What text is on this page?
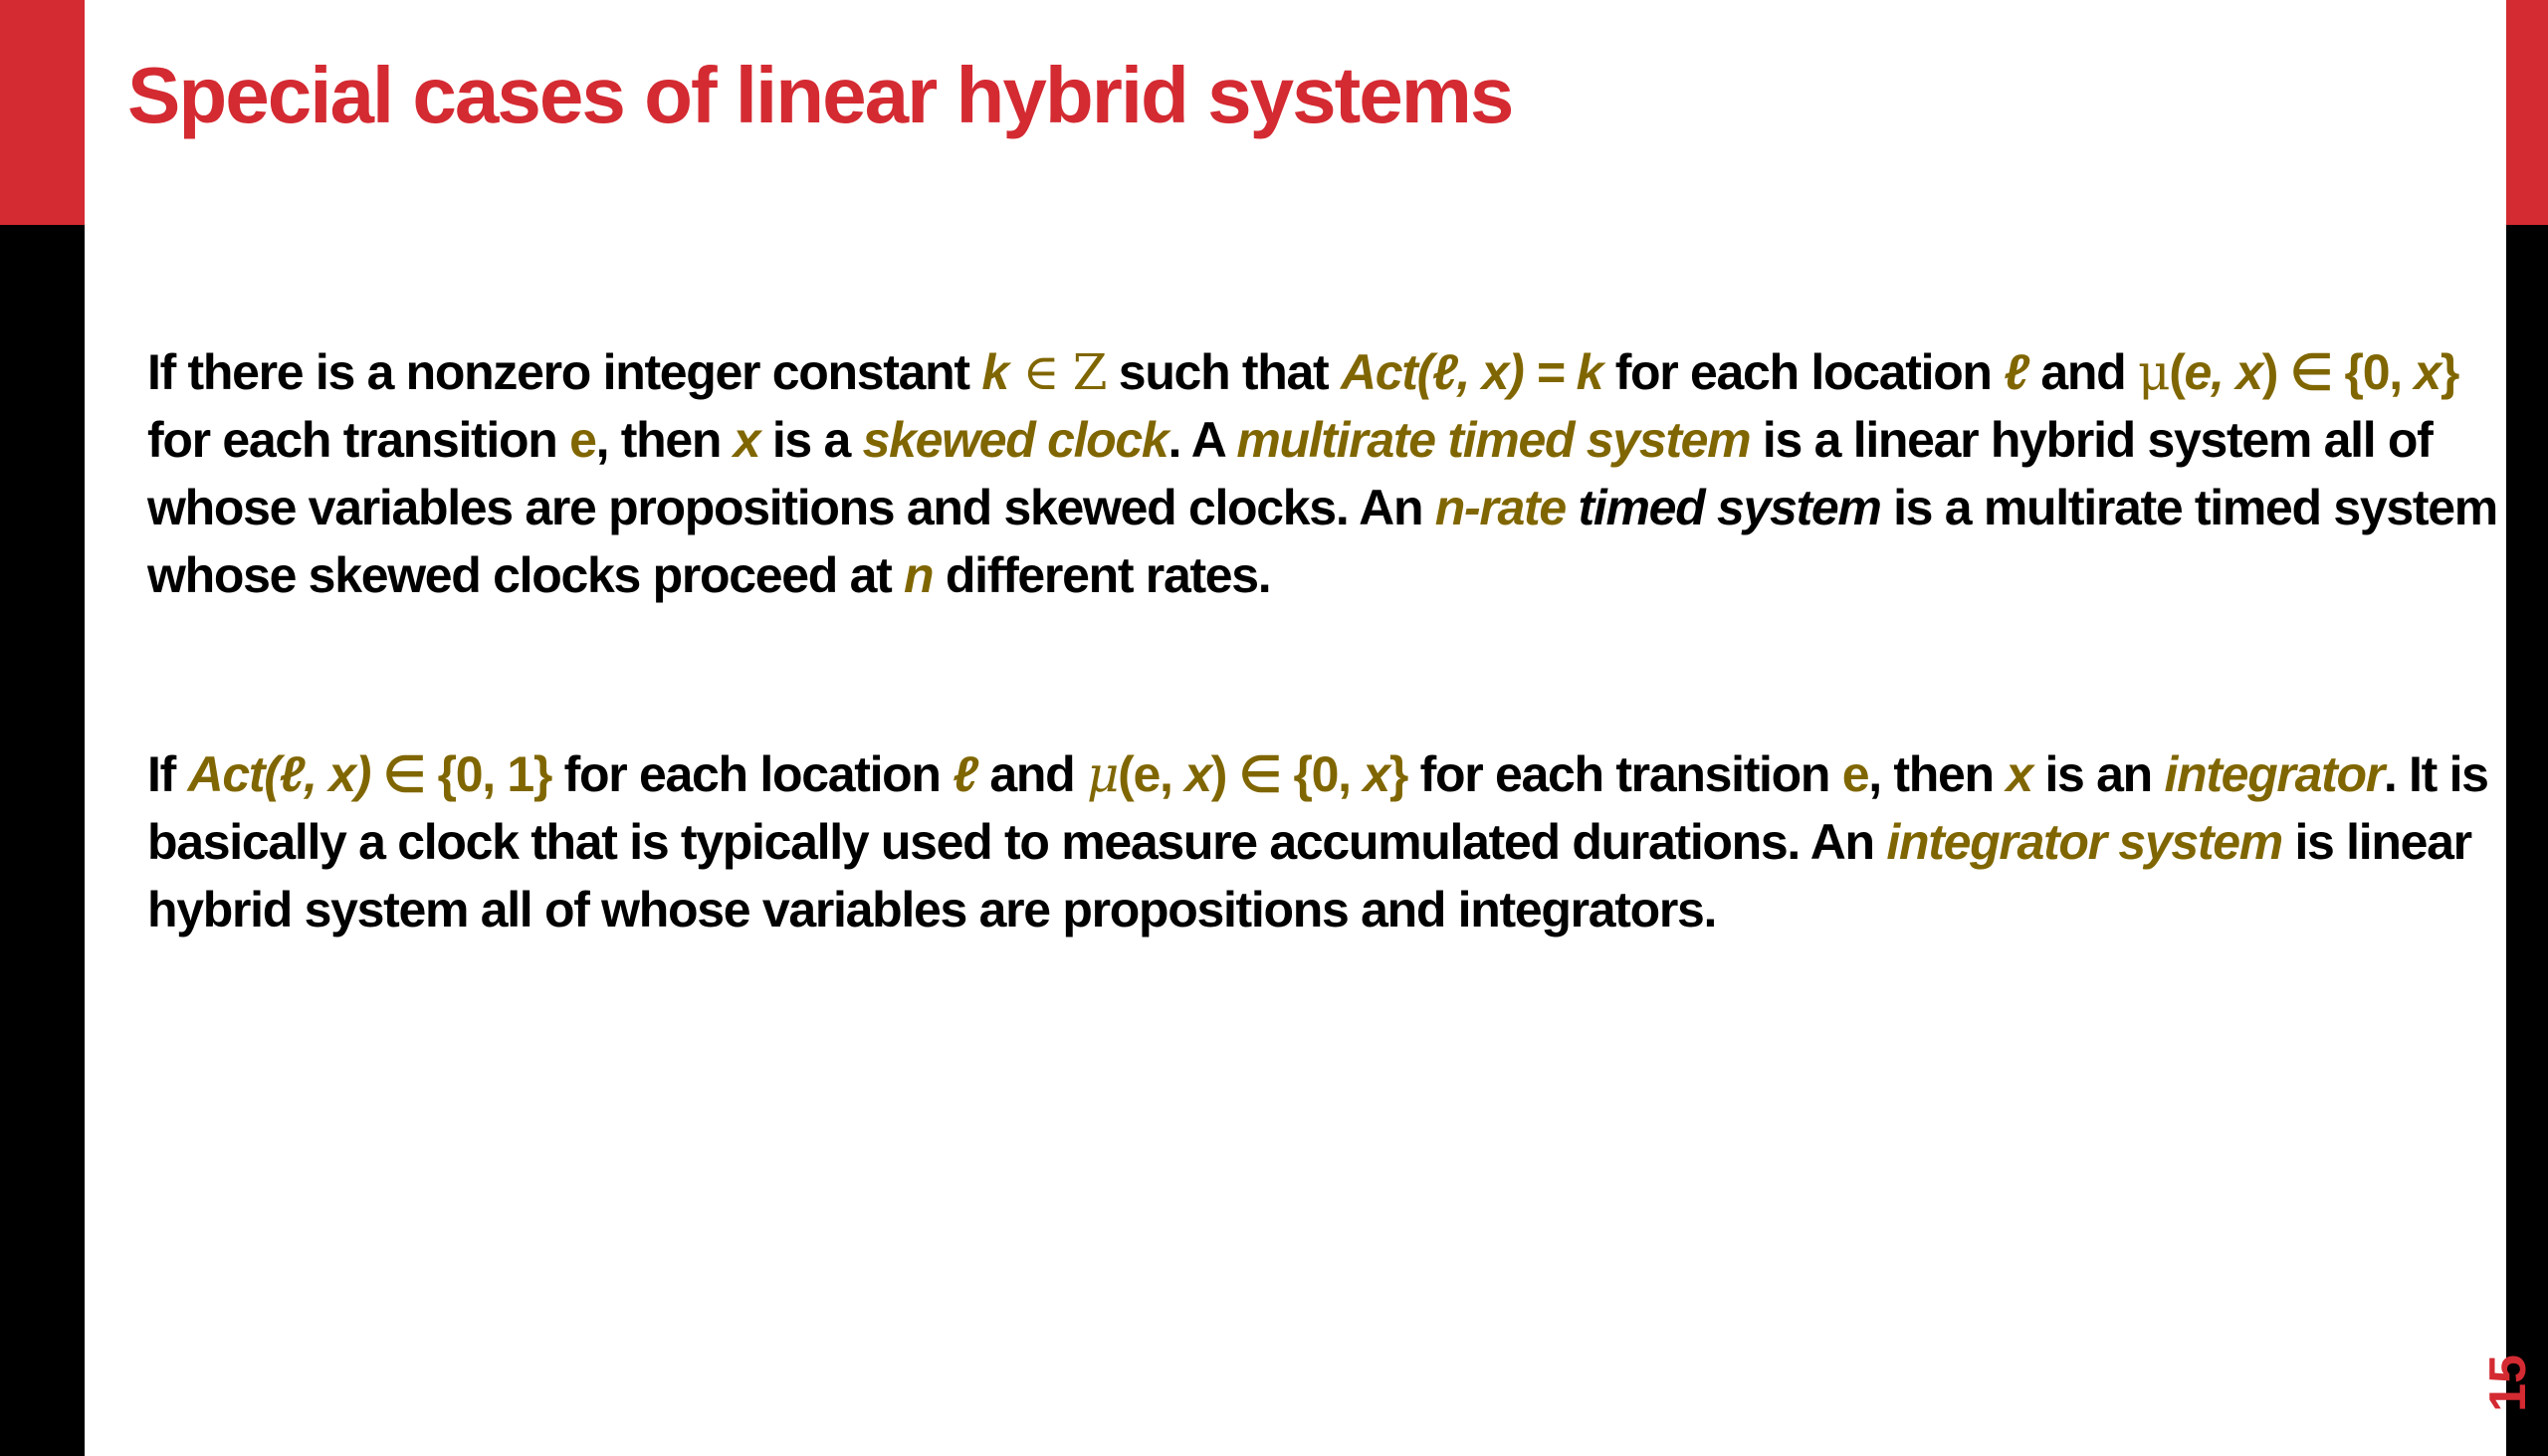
Special cases of linear hybrid systems

If there is a nonzero integer constant k ∈ Z such that Act(ℓ, x) = k for each location ℓ and μ(e, x) ∈ {0, x} for each transition e, then x is a skewed clock. A multirate timed system is a linear hybrid system all of whose variables are propositions and skewed clocks. An n-rate timed system is a multirate timed system whose skewed clocks proceed at n different rates.

If Act(ℓ, x) ∈ {0, 1} for each location ℓ and μ(e, x) ∈ {0, x} for each transition e, then x is an integrator. It is basically a clock that is typically used to measure accumulated durations. An integrator system is linear hybrid system all of whose variables are propositions and integrators.

15
